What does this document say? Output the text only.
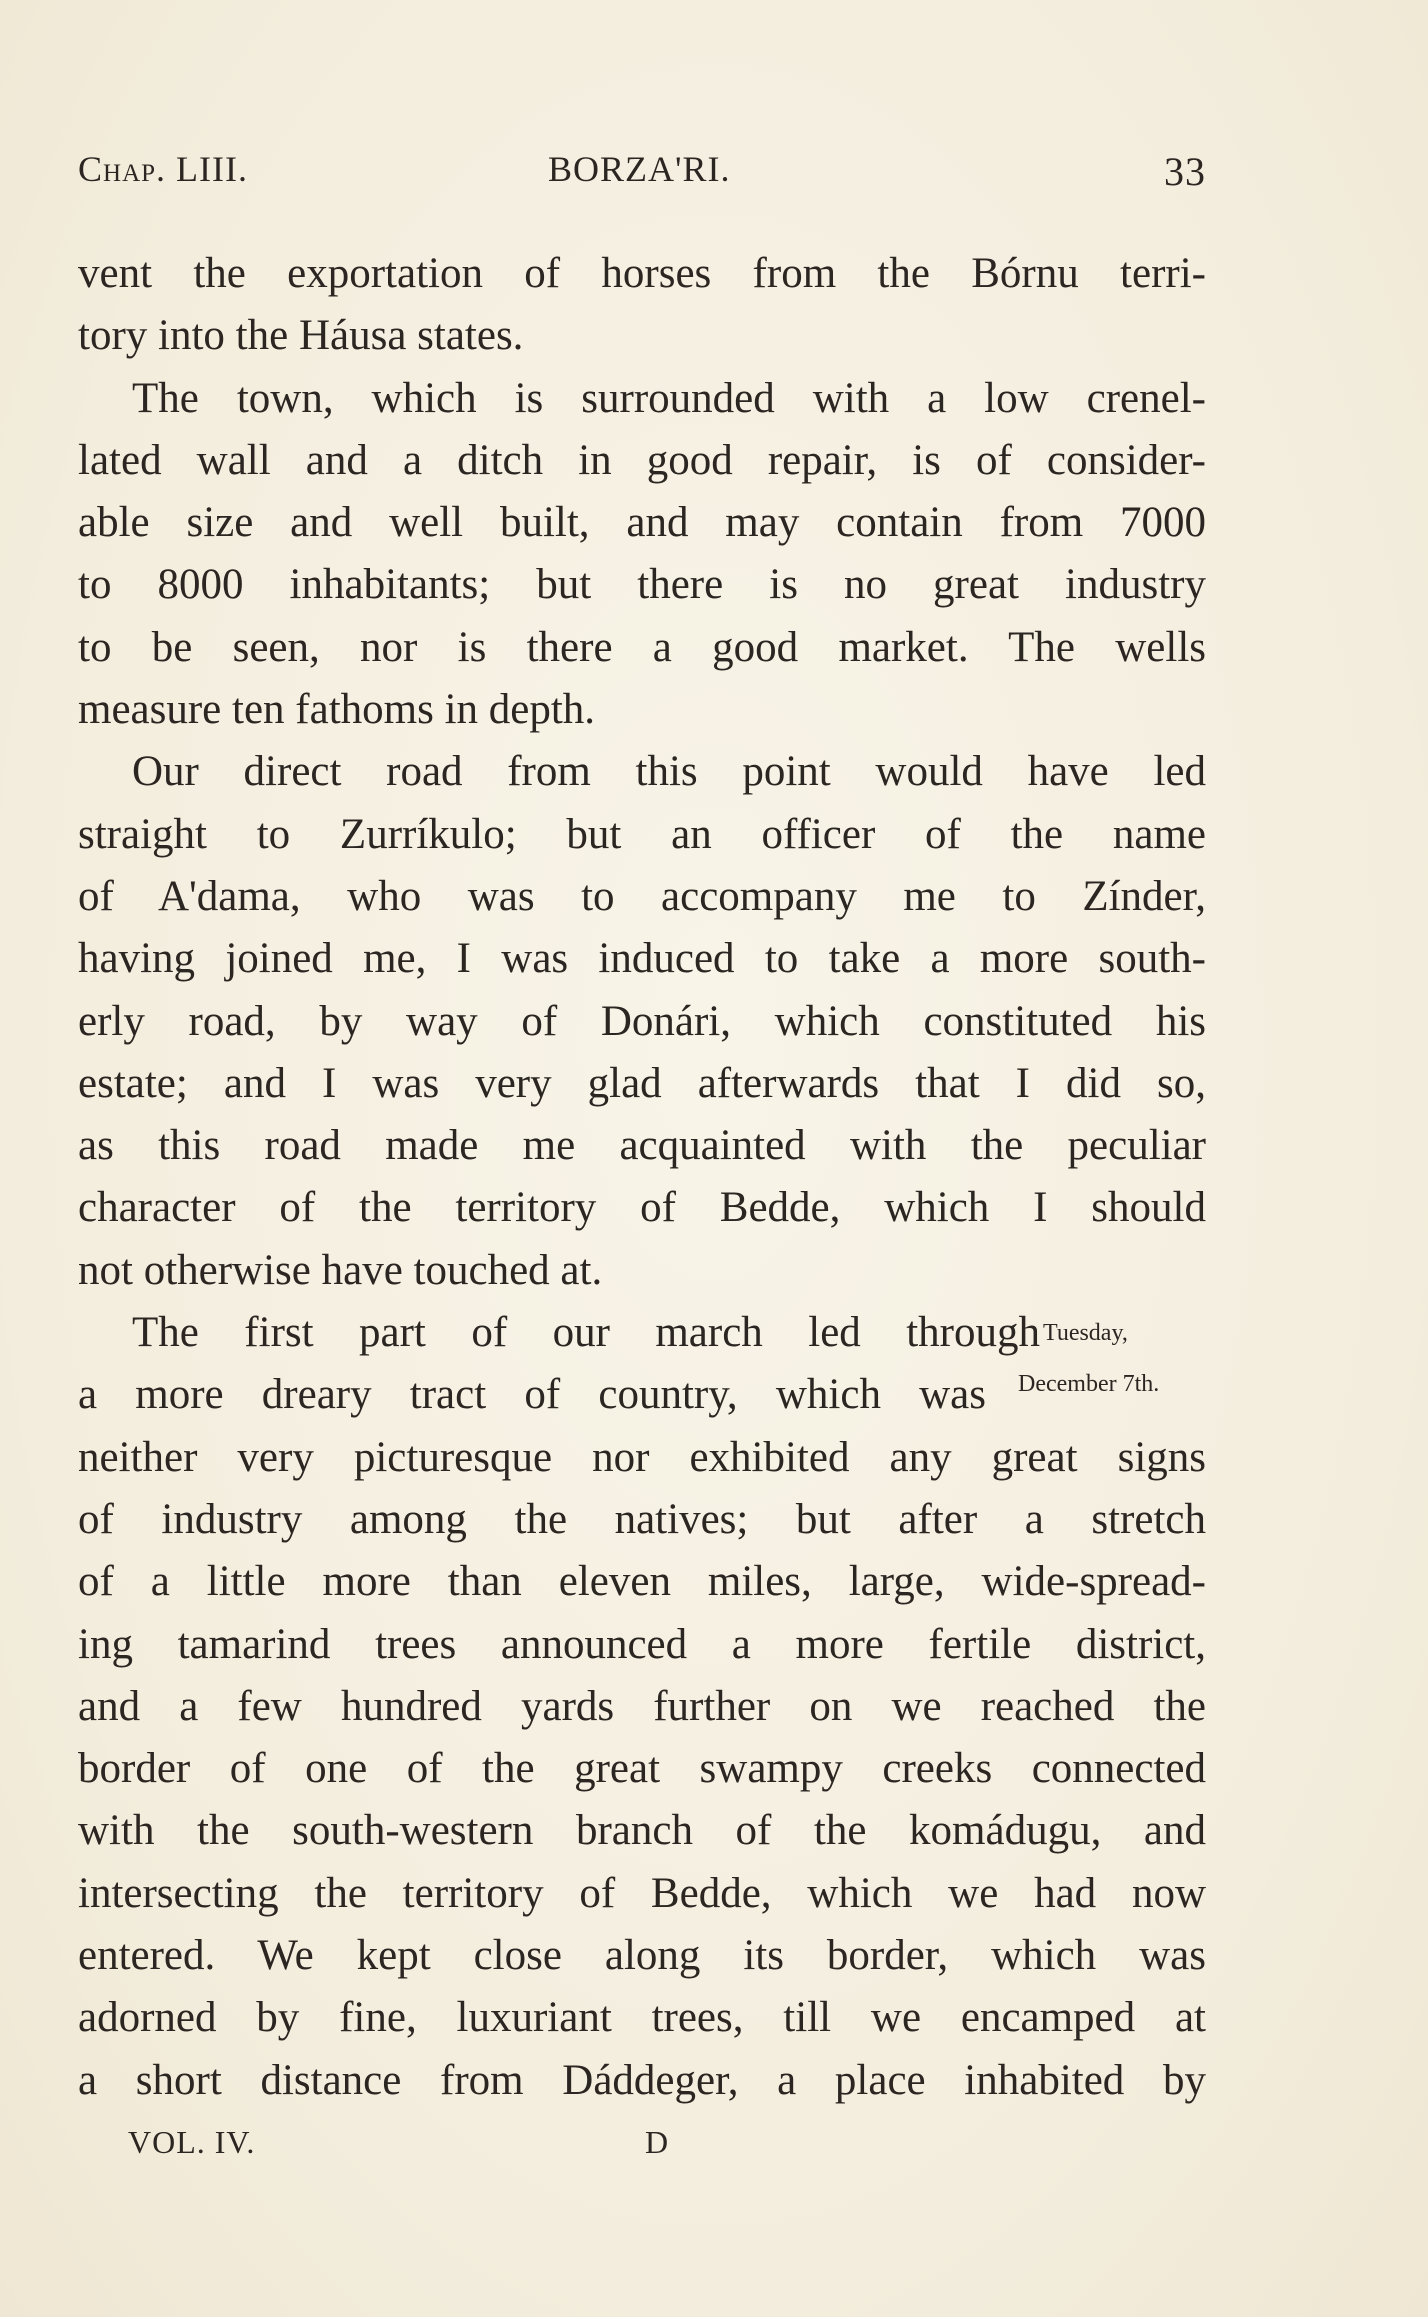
Chap. LIII.	BORZA'RI.	33
vent the exportation of horses from the Bórnu terri-
tory into the Háusa states.
The town, which is surrounded with a low crenel-
lated wall and a ditch in good repair, is of consider-
able size and well built, and may contain from 7000
to 8000 inhabitants; but there is no great industry
to be seen, nor is there a good market. The wells
measure ten fathoms in depth.
Our direct road from this point would have led
straight to Zurríkulo; but an officer of the name
of A'dama, who was to accompany me to Zínder,
having joined me, I was induced to take a more south-
erly road, by way of Donári, which constituted his
estate; and I was very glad afterwards that I did so,
as this road made me acquainted with the peculiar
character of the territory of Bedde, which I should
not otherwise have touched at.
The first part of our march led through
a more dreary tract of country, which was
neither very picturesque nor exhibited any great signs
of industry among the natives; but after a stretch
of a little more than eleven miles, large, wide-spread-
ing tamarind trees announced a more fertile district,
and a few hundred yards further on we reached the
border of one of the great swampy creeks connected
with the south-western branch of the komádugu, and
intersecting the territory of Bedde, which we had now
entered. We kept close along its border, which was
adorned by fine, luxuriant trees, till we encamped at
a short distance from Dáddeger, a place inhabited by
Tuesday,
December 7th.
VOL. IV.	D
